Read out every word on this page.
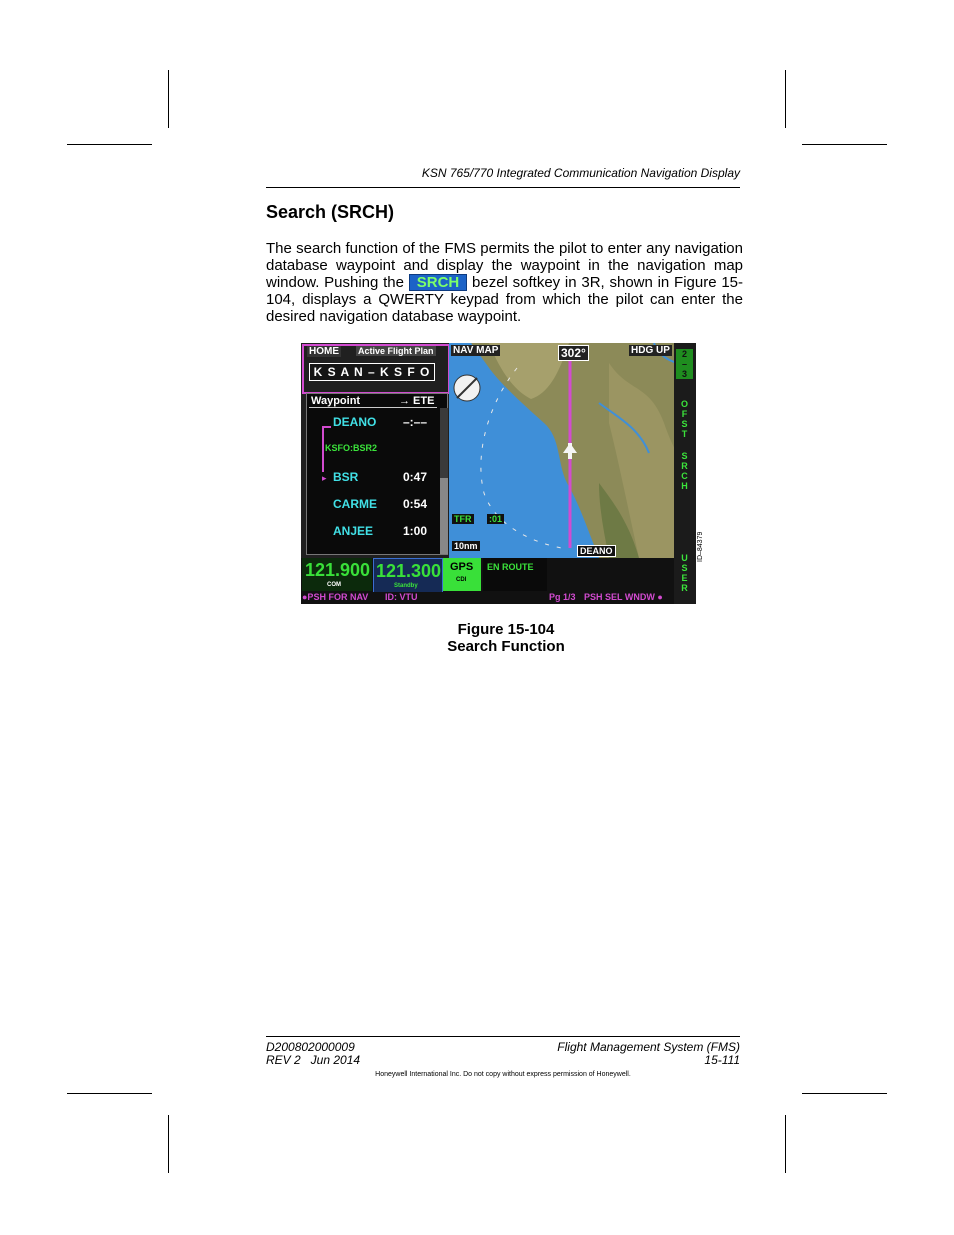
KSN 765/770 Integrated Communication Navigation Display
Search (SRCH)

The search function of the FMS permits the pilot to enter any navigation database waypoint and display the waypoint in the navigation map window. Pushing the SRCH bezel softkey in 3R, shown in Figure 15-104, displays a QWERTY keypad from which the pilot can enter the desired navigation database waypoint.

HOME Active Flight Plan
K S A N – K S F O
Waypoint	→ ETE
DEANO –:––
KSFO:BSR2
▸ BSR	0:47
CARME 0:54
ANJEE 1:00
NAV MAP	302°	HDG UP
TFR :01
10nm	DEANO
121.900
COM
121.300
Standby
GPS
CDI
EN ROUTE
●PSH FOR NAV ID: VTU	Pg 1/3 PSH SEL WNDW ●
2
–
3
O
F
S
T
S
R
C
H
U
S
E
R
ID–84379
Figure 15-104
Search Function
D200802000009
REV 2   Jun 2014
Flight Management System (FMS)
15-111
Honeywell International Inc. Do not copy without express permission of Honeywell.
